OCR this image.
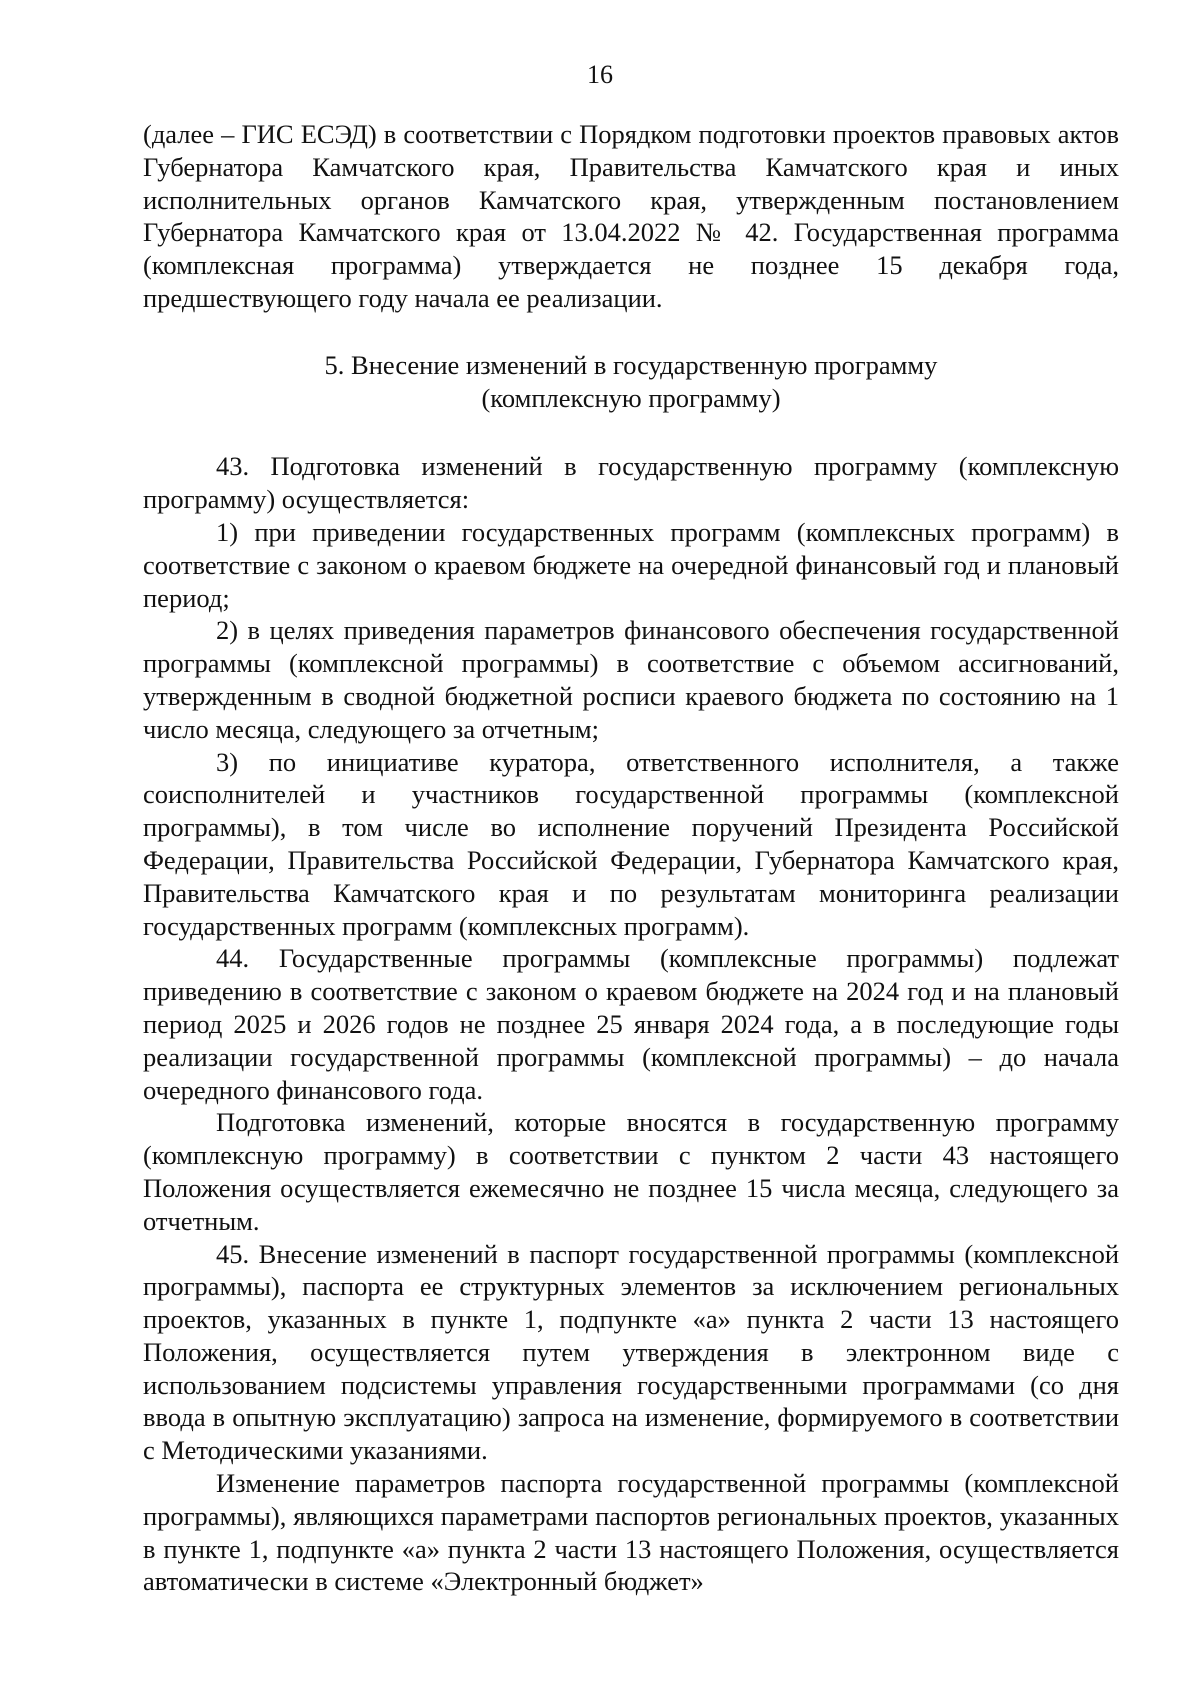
16

(далее – ГИС ЕСЭД) в соответствии с Порядком подготовки проектов правовых актов Губернатора Камчатского края, Правительства Камчатского края и иных исполнительных органов Камчатского края, утвержденным постановлением Губернатора Камчатского края от 13.04.2022 № 42. Государственная программа (комплексная программа) утверждается не позднее 15 декабря года, предшествующего году начала ее реализации.

5. Внесение изменений в государственную программу
(комплексную программу)

43. Подготовка изменений в государственную программу (комплексную программу) осуществляется:

1) при приведении государственных программ (комплексных программ) в соответствие с законом о краевом бюджете на очередной финансовый год и плановый период;

2) в целях приведения параметров финансового обеспечения государственной программы (комплексной программы) в соответствие с объемом ассигнований, утвержденным в сводной бюджетной росписи краевого бюджета по состоянию на 1 число месяца, следующего за отчетным;

3) по инициативе куратора, ответственного исполнителя, а также соисполнителей и участников государственной программы (комплексной программы), в том числе во исполнение поручений Президента Российской Федерации, Правительства Российской Федерации, Губернатора Камчатского края, Правительства Камчатского края и по результатам мониторинга реализации государственных программ (комплексных программ).

44. Государственные программы (комплексные программы) подлежат приведению в соответствие с законом о краевом бюджете на 2024 год и на плановый период 2025 и 2026 годов не позднее 25 января 2024 года, а в последующие годы реализации государственной программы (комплексной программы) – до начала очередного финансового года.

Подготовка изменений, которые вносятся в государственную программу (комплексную программу) в соответствии с пунктом 2 части 43 настоящего Положения осуществляется ежемесячно не позднее 15 числа месяца, следующего за отчетным.

45. Внесение изменений в паспорт государственной программы (комплексной программы), паспорта ее структурных элементов за исключением региональных проектов, указанных в пункте 1, подпункте «а» пункта 2 части 13 настоящего Положения, осуществляется путем утверждения в электронном виде с использованием подсистемы управления государственными программами (со дня ввода в опытную эксплуатацию) запроса на изменение, формируемого в соответствии с Методическими указаниями.

Изменение параметров паспорта государственной программы (комплексной программы), являющихся параметрами паспортов региональных проектов, указанных в пункте 1, подпункте «а» пункта 2 части 13 настоящего Положения, осуществляется автоматически в системе «Электронный бюджет»
